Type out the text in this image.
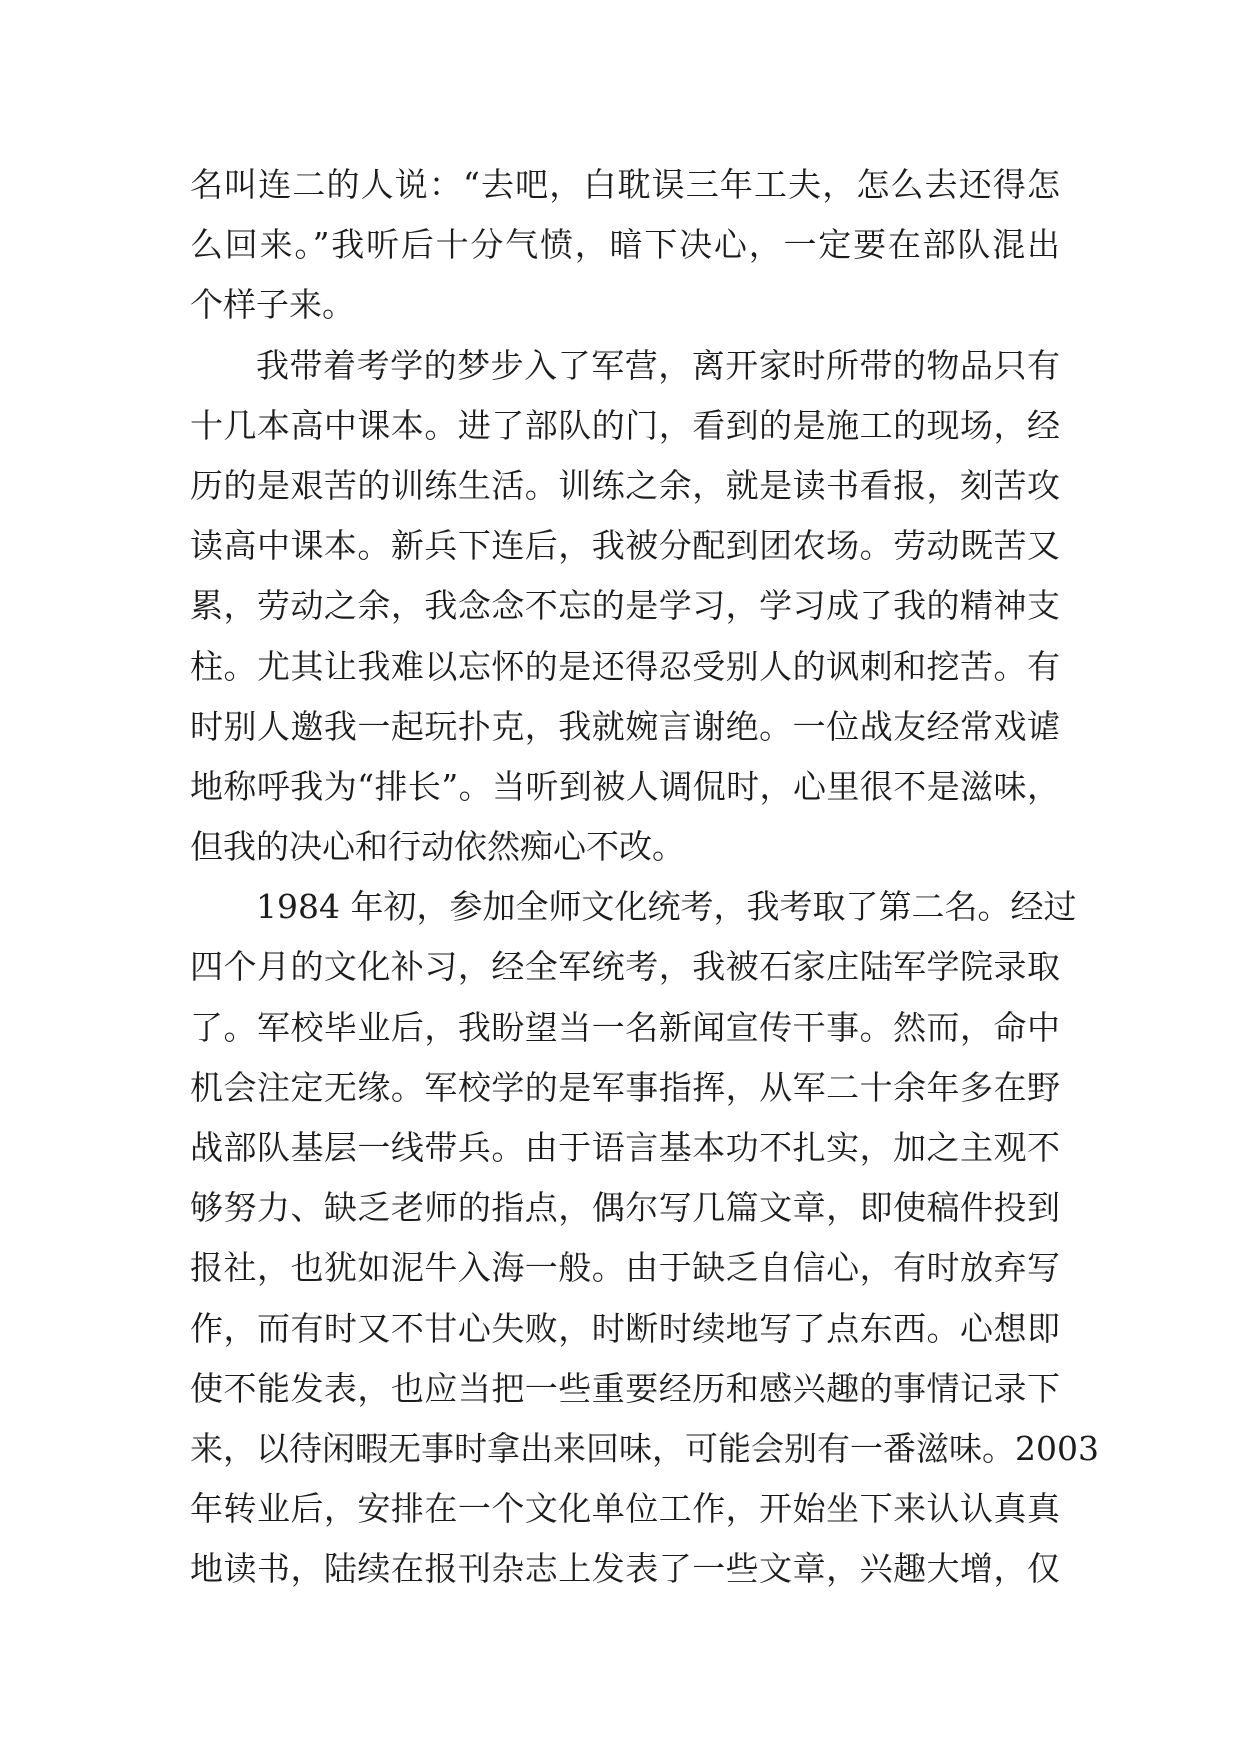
名叫连二的人说：“去吧，白耽误三年工夫，怎么去还得怎
么回来。”我听后十分气愤，暗下决心，一定要在部队混出
个样子来。
我带着考学的梦步入了军营，离开家时所带的物品只有
十几本高中课本。进了部队的门，看到的是施工的现场，经
历的是艰苦的训练生活。训练之余，就是读书看报，刻苦攻
读高中课本。新兵下连后，我被分配到团农场。劳动既苦又
累，劳动之余，我念念不忘的是学习，学习成了我的精神支
柱。尤其让我难以忘怀的是还得忍受别人的讽刺和挖苦。有
时别人邀我一起玩扑克，我就婉言谢绝。一位战友经常戏谑
地称呼我为“排长”。当听到被人调侃时，心里很不是滋味，
但我的决心和行动依然痴心不改。
1984 年初，参加全师文化统考，我考取了第二名。经过
四个月的文化补习，经全军统考，我被石家庄陆军学院录取
了。军校毕业后，我盼望当一名新闻宣传干事。然而，命中
机会注定无缘。军校学的是军事指挥，从军二十余年多在野
战部队基层一线带兵。由于语言基本功不扎实，加之主观不
够努力、缺乏老师的指点，偶尔写几篇文章，即使稿件投到
报社，也犹如泥牛入海一般。由于缺乏自信心，有时放弃写
作，而有时又不甘心失败，时断时续地写了点东西。心想即
使不能发表，也应当把一些重要经历和感兴趣的事情记录下
来，以待闲暇无事时拿出来回味，可能会别有一番滋味。2003
年转业后，安排在一个文化单位工作，开始坐下来认认真真
地读书，陆续在报刊杂志上发表了一些文章，兴趣大增，仅
